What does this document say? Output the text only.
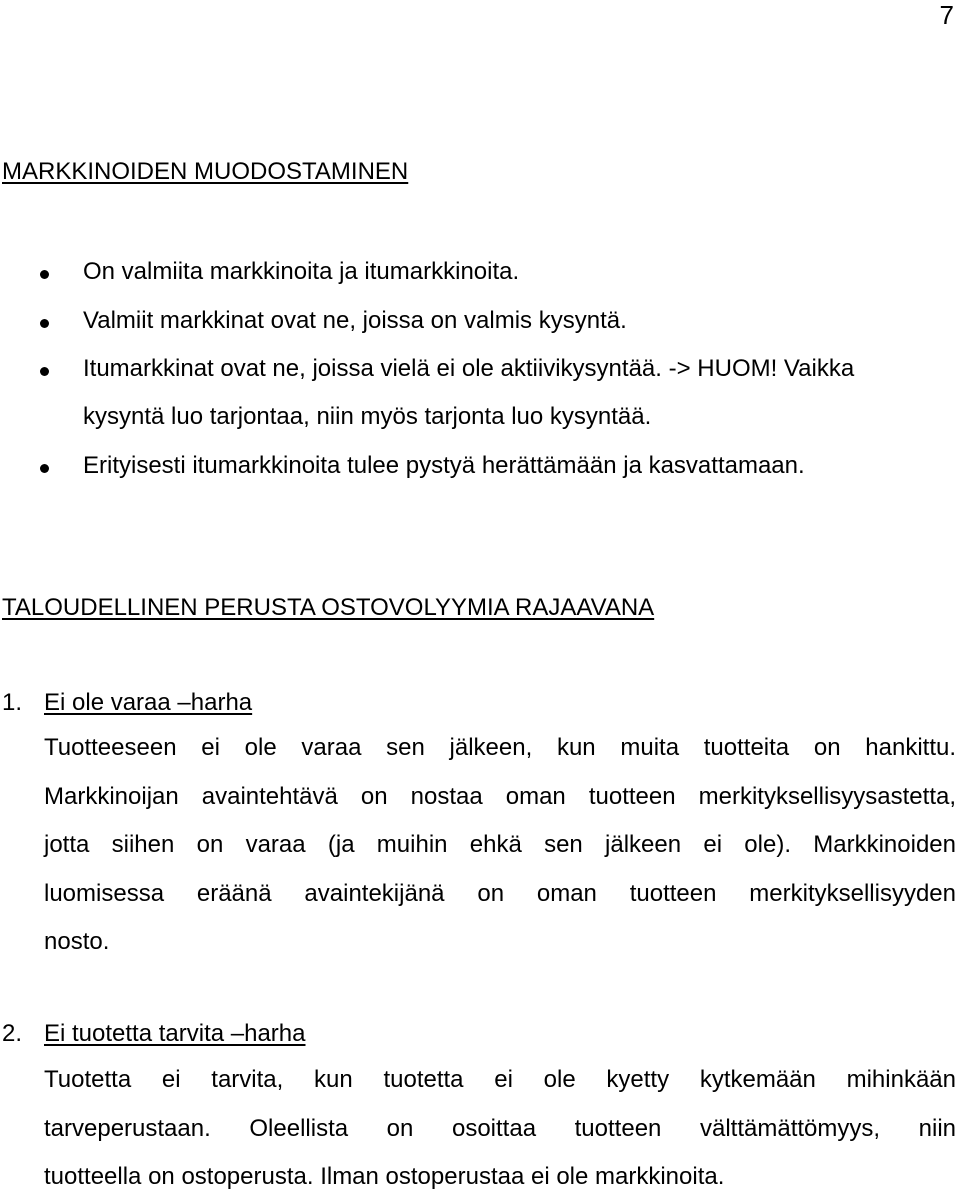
7
MARKKINOIDEN MUODOSTAMINEN
On valmiita markkinoita ja itumarkkinoita.
Valmiit markkinat ovat ne, joissa on valmis kysyntä.
Itumarkkinat ovat ne, joissa vielä ei ole aktiivikysyntää. -> HUOM! Vaikka
kysyntä luo tarjontaa, niin myös tarjonta luo kysyntää.
Erityisesti itumarkkinoita tulee pystyä herättämään ja kasvattamaan.
TALOUDELLINEN PERUSTA OSTOVOLYYMIA RAJAAVANA
1. Ei ole varaa –harha
Tuotteeseen ei ole varaa sen jälkeen, kun muita tuotteita on hankittu.
Markkinoijan avaintehtävä on nostaa oman tuotteen merkityksellisyysastetta,
jotta siihen on varaa (ja muihin ehkä sen jälkeen ei ole). Markkinoiden
luomisessa eräänä avaintekijänä on oman tuotteen merkityksellisyyden
nosto.
2. Ei tuotetta tarvita –harha
Tuotetta ei tarvita, kun tuotetta ei ole kyetty kytkemään mihinkään
tarveperustaan. Oleellista on osoittaa tuotteen välttämättömyys, niin
tuotteella on ostoperusta. Ilman ostoperustaa ei ole markkinoita.
